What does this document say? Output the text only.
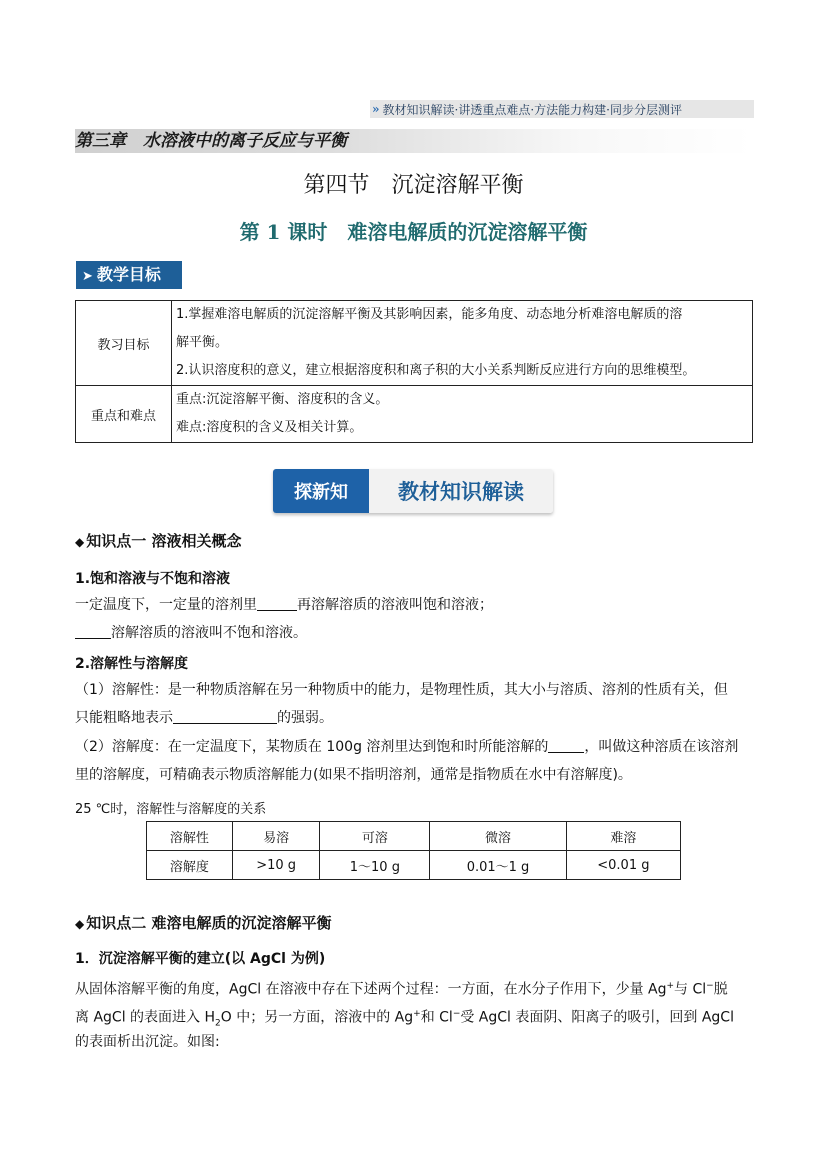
» 教材知识解读·讲透重点难点·方法能力构建·同步分层测评
第三章　水溶液中的离子反应与平衡
第四节　沉淀溶解平衡
第 1 课时　难溶电解质的沉淀溶解平衡
➤ 教学目标
教习目标	1.掌握难溶电解质的沉淀溶解平衡及其影响因素，能多角度、动态地分析难溶电解质的溶
解平衡。
2.认识溶度积的意义，建立根据溶度积和离子积的大小关系判断反应进行方向的思维模型。

重点和难点	重点:沉淀溶解平衡、溶度积的含义。
难点:溶度积的含义及相关计算。
探新知	教材知识解读
◆ 知识点一 溶液相关概念
1.饱和溶液与不饱和溶液
一定温度下，一定量的溶剂里	再溶解溶质的溶液叫饱和溶液；
溶解溶质的溶液叫不饱和溶液。
2.溶解性与溶解度
（1）溶解性：是一种物质溶解在另一种物质中的能力，是物理性质，其大小与溶质、溶剂的性质有关，但
只能粗略地表示	的强弱。
（2）溶解度：在一定温度下，某物质在 100g 溶剂里达到饱和时所能溶解的	，叫做这种溶质在该溶剂
里的溶解度，可精确表示物质溶解能力(如果不指明溶剂，通常是指物质在水中有溶解度)。
25 ℃时，溶解性与溶解度的关系
溶解性	易溶	可溶	微溶	难溶
溶解度	>10 g	1～10 g	0.01～1 g	<0.01 g
◆ 知识点二 难溶电解质的沉淀溶解平衡
1．沉淀溶解平衡的建立(以 AgCl 为例)
从固体溶解平衡的角度，AgCl 在溶液中存在下述两个过程：一方面，在水分子作用下，少量 Ag+与 Cl−脱
离 AgCl 的表面进入 $H_2O$ 中；另一方面，溶液中的 Ag+和 Cl−受 AgCl 表面阴、阳离子的吸引，回到 AgCl
的表面析出沉淀。如图:
